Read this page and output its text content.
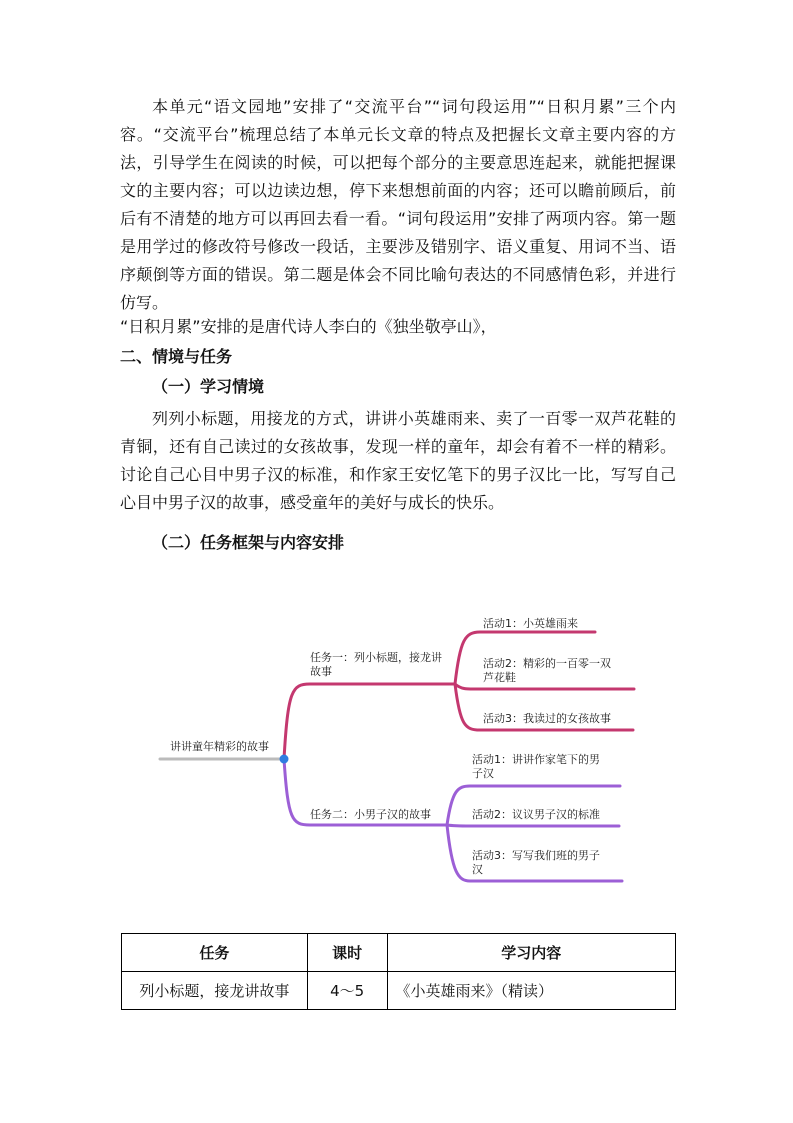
本单元“语文园地”安排了“交流平台”“词句段运用”“日积月累”三个内容。“交流平台”梳理总结了本单元长文章的特点及把握长文章主要内容的方法，引导学生在阅读的时候，可以把每个部分的主要意思连起来，就能把握课文的主要内容；可以边读边想，停下来想想前面的内容；还可以瞻前顾后，前后有不清楚的地方可以再回去看一看。“词句段运用”安排了两项内容。第一题是用学过的修改符号修改一段话，主要涉及错别字、语义重复、用词不当、语序颠倒等方面的错误。第二题是体会不同比喻句表达的不同感情色彩，并进行仿写。

“日积月累”安排的是唐代诗人李白的《独坐敬亭山》，

二、情境与任务

（一）学习情境

列列小标题，用接龙的方式，讲讲小英雄雨来、卖了一百零一双芦花鞋的青铜，还有自己读过的女孩故事，发现一样的童年，却会有着不一样的精彩。讨论自己心目中男子汉的标准，和作家王安忆笔下的男子汉比一比，写写自己心目中男子汉的故事，感受童年的美好与成长的快乐。

（二）任务框架与内容安排

讲讲童年精彩的故事
任务一：列小标题，接龙讲
故事
活动1：小英雄雨来
活动2：精彩的一百零一双
芦花鞋
活动3：我读过的女孩故事
任务二：小男子汉的故事
活动1：讲讲作家笔下的男
子汉
活动2：议议男子汉的标准
活动3：写写我们班的男子
汉
任务	课时	学习内容
列小标题，接龙讲故事	4～5	《小英雄雨来》（精读）
